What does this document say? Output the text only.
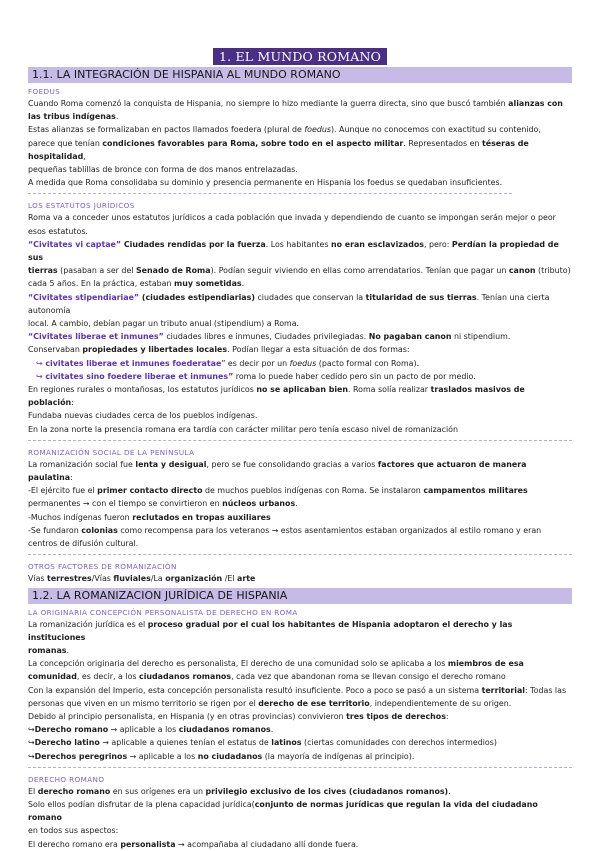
1. EL MUNDO ROMANO
1.1. LA INTEGRACIÓN DE HISPANIA AL MUNDO ROMANO
FOEDUS
Cuando Roma comenzó la conquista de Hispania, no siempre lo hizo mediante la guerra directa, sino que buscó también alianzas con
las tribus indígenas.
Estas alianzas se formalizaban en pactos llamados foedera (plural de foedus). Aunque no conocemos con exactitud su contenido,
parece que tenían condiciones favorables para Roma, sobre todo en el aspecto militar. Representados en téseras de hospitalidad,
pequeñas tablillas de bronce con forma de dos manos entrelazadas.
A medida que Roma consolidaba su dominio y presencia permanente en Hispania los foedus se quedaban insuficientes.
LOS ESTATUTOS JURÍDICOS
Roma va a conceder unos estatutos jurídicos a cada población que invada y dependiendo de cuanto se impongan serán mejor o peor
esos estatutos.
“Civitates vi captae” Ciudades rendidas por la fuerza. Los habitantes no eran esclavizados, pero: Perdían la propiedad de sus
tierras (pasaban a ser del Senado de Roma). Podían seguir viviendo en ellas como arrendatarios. Tenían que pagar un canon (tributo)
cada 5 años. En la práctica, estaban muy sometidas.
“Civitates stipendiariae” (ciudades estipendiarias) ciudades que conservan la titularidad de sus tierras. Tenían una cierta autonomía
local. A cambio, debían pagar un tributo anual (stipendium) a Roma.
“Civitates liberae et inmunes” ciudades libres e inmunes, Ciudades privilegiadas. No pagaban canon ni stipendium.
Conservaban propiedades y libertades locales. Podían llegar a esta situación de dos formas:
↪ civitates liberae et inmunes foederatae” es decir por un foedus (pacto formal con Roma).
↪ civitates sino foedere liberae et inmunes” roma lo puede haber cedido pero sin un pacto de por medio.
En regiones rurales o montañosas, los estatutos jurídicos no se aplicaban bien. Roma solía realizar traslados masivos de población:
Fundaba nuevas ciudades cerca de los pueblos indígenas.
En la zona norte la presencia romana era tardía con carácter militar pero tenía escaso nivel de romanización
ROMANIZACIÓN SOCIAL DE LA PENÍNSULA
La romanización social fue lenta y desigual, pero se fue consolidando gracias a varios factores que actuaron de manera paulatina:
-El ejército fue el primer contacto directo de muchos pueblos indígenas con Roma. Se instalaron campamentos militares
permanentes → con el tiempo se convirtieron en núcleos urbanos.
-Muchos indígenas fueron reclutados en tropas auxiliares
-Se fundaron colonias como recompensa para los veteranos → estos asentamientos estaban organizados al estilo romano y eran
centros de difusión cultural.
OTROS FACTORES DE ROMANIZACIÓN
Vías terrestres/Vías fluviales/La organización /El arte
1.2. LA ROMANIZACION JURÍDICA DE HISPANIA
LA ORIGINARIA CONCEPCIÓN PERSONALISTA DE DERECHO EN ROMA
La romanización jurídica es el proceso gradual por el cual los habitantes de Hispania adoptaron el derecho y las instituciones
romanas.
La concepción originaria del derecho es personalista, El derecho de una comunidad solo se aplicaba a los miembros de esa
comunidad, es decir, a los ciudadanos romanos, cada vez que abandonan roma se llevan consigo el derecho romano
Con la expansión del Imperio, esta concepción personalista resultó insuficiente. Poco a poco se pasó a un sistema territorial: Todas las
personas que viven en un mismo territorio se rigen por el derecho de ese territorio, independientemente de su origen.
Debido al principio personalista, en Hispania (y en otras provincias) convivieron tres tipos de derechos:
↪Derecho romano → aplicable a los ciudadanos romanos.
↪Derecho latino → aplicable a quienes tenían el estatus de latinos (ciertas comunidades con derechos intermedios)
↪Derechos peregrinos → aplicable a los no ciudadanos (la mayoría de indígenas al principio).
DERECHO ROMANO
El derecho romano en sus orígenes era un privilegio exclusivo de los cives (ciudadanos romanos).
Solo ellos podían disfrutar de la plena capacidad jurídica(conjunto de normas jurídicas que regulan la vida del ciudadano romano
en todos sus aspectos:
El derecho romano era personalista → acompañaba al ciudadano allí donde fuera.
